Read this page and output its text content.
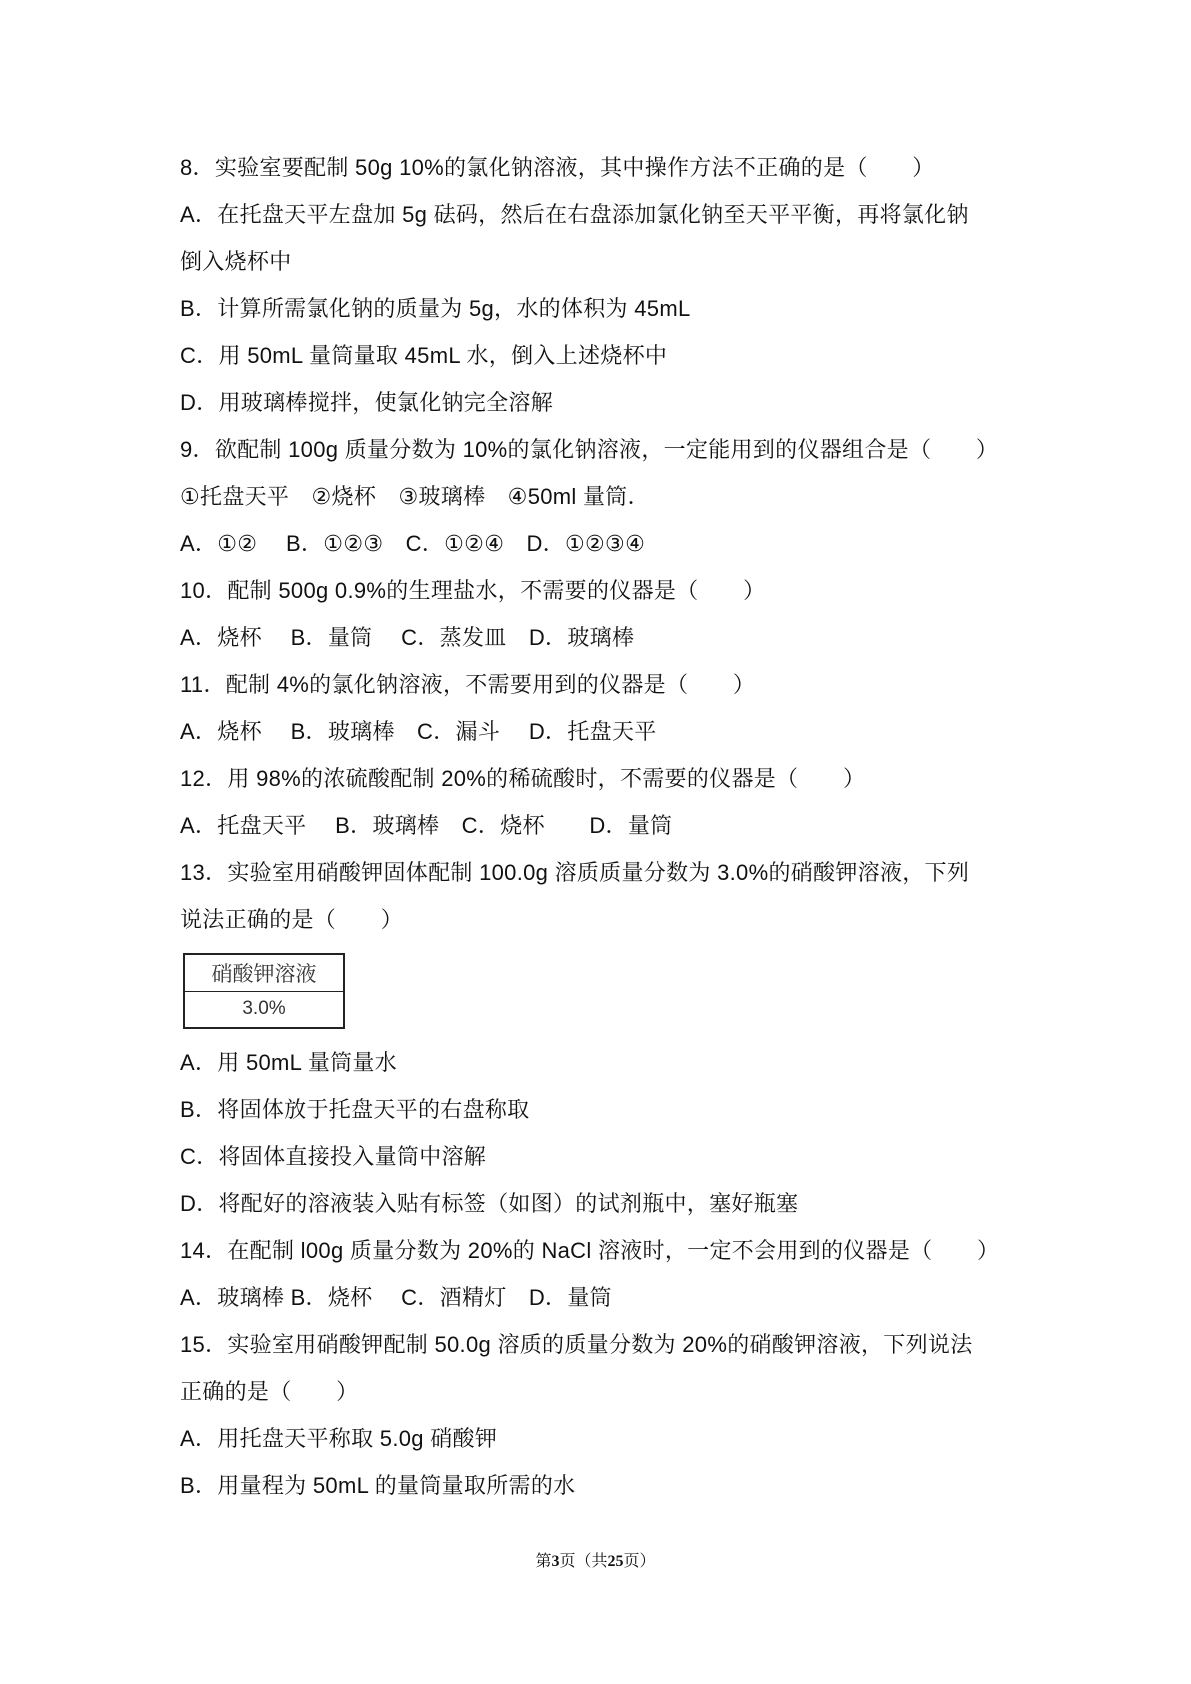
8．实验室要配制 50g 10%的氯化钠溶液，其中操作方法不正确的是（　　）
A．在托盘天平左盘加 5g 砝码，然后在右盘添加氯化钠至天平平衡，再将氯化钠
倒入烧杯中
B．计算所需氯化钠的质量为 5g，水的体积为 45mL
C．用 50mL 量筒量取 45mL 水，倒入上述烧杯中
D．用玻璃棒搅拌，使氯化钠完全溶解
9．欲配制 100g 质量分数为 10%的氯化钠溶液，一定能用到的仪器组合是（　　）
①托盘天平　②烧杯　③玻璃棒　④50ml 量筒．
A．①②　 B．①②③　C．①②④　D．①②③④
10．配制 500g 0.9%的生理盐水，不需要的仪器是（　　）
A．烧杯　 B．量筒　 C．蒸发皿　D．玻璃棒
11．配制 4%的氯化钠溶液，不需要用到的仪器是（　　）
A．烧杯　 B．玻璃棒　C．漏斗　 D．托盘天平
12．用 98%的浓硫酸配制 20%的稀硫酸时，不需要的仪器是（　　）
A．托盘天平　 B．玻璃棒　C．烧杯　　D．量筒
13．实验室用硝酸钾固体配制 100.0g 溶质质量分数为 3.0%的硝酸钾溶液，下列
说法正确的是（　　）
硝酸钾溶液
3.0%
A．用 50mL 量筒量水
B．将固体放于托盘天平的右盘称取
C．将固体直接投入量筒中溶解
D．将配好的溶液装入贴有标签（如图）的试剂瓶中，塞好瓶塞
14．在配制 l00g 质量分数为 20%的 NaCl 溶液时，一定不会用到的仪器是（　　）
A．玻璃棒 B．烧杯　 C．酒精灯　D．量筒
15．实验室用硝酸钾配制 50.0g 溶质的质量分数为 20%的硝酸钾溶液，下列说法
正确的是（　　）
A．用托盘天平称取 5.0g 硝酸钾
B．用量程为 50mL 的量筒量取所需的水
第3页（共25页）
